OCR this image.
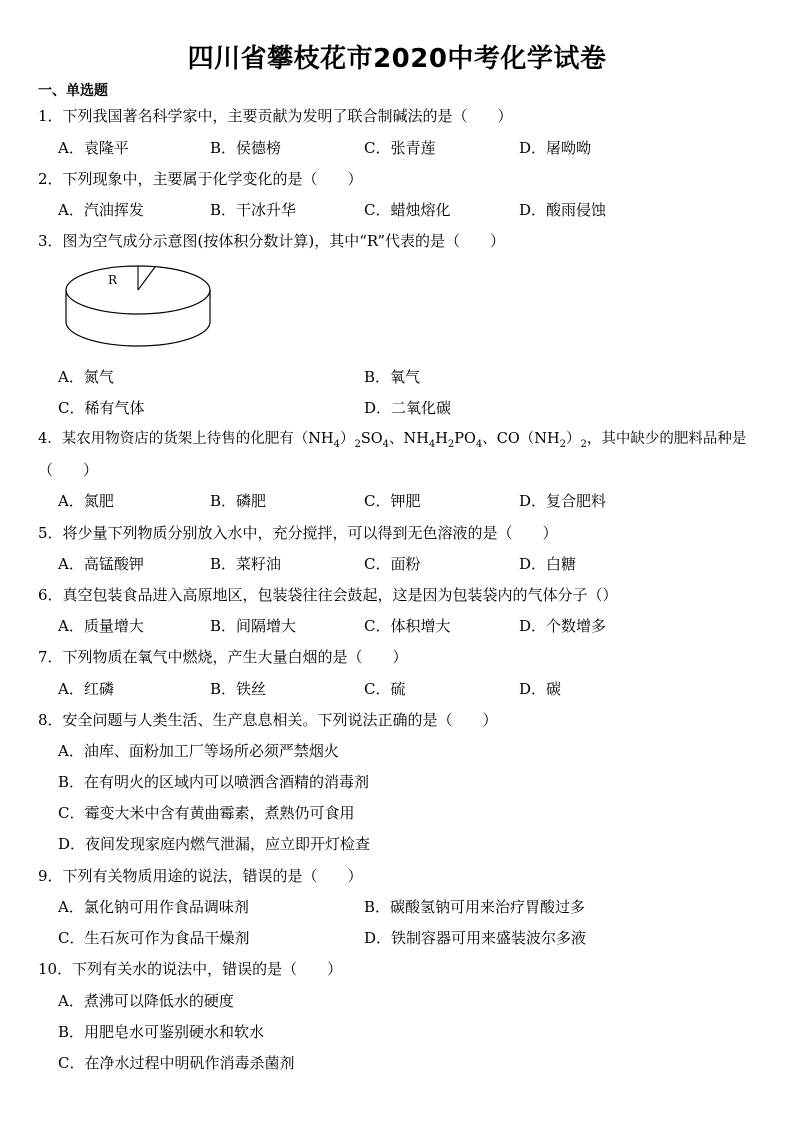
四川省攀枝花市2020中考化学试卷
一、单选题
1．下列我国著名科学家中，主要贡献为发明了联合制碱法的是（　　）
A．袁隆平	B．侯德榜	C．张青莲	D．屠呦呦
2．下列现象中，主要属于化学变化的是（　　）
A．汽油挥发	B．干冰升华	C．蜡烛熔化	D．酸雨侵蚀
3．图为空气成分示意图(按体积分数计算)，其中“R”代表的是（　　）
R
A．氮气	B．氧气
C．稀有气体	D．二氧化碳
4．某农用物资店的货架上待售的化肥有$(NH_4)_2SO_4$、$NH_4H_2PO_4$、$CO(NH_2)_2$，其中缺少的肥料品种是
（　　）
A．氮肥	B．磷肥	C．钾肥	D．复合肥料
5．将少量下列物质分别放入水中，充分搅拌，可以得到无色溶液的是（　　）
A．高锰酸钾	B．菜籽油	C．面粉	D．白糖
6．真空包装食品进入高原地区，包装袋往往会鼓起，这是因为包装袋内的气体分子（）
A．质量增大	B．间隔增大	C．体积增大	D．个数增多
7．下列物质在氧气中燃烧，产生大量白烟的是（　　）
A．红磷	B．铁丝	C．硫	D．碳
8．安全问题与人类生活、生产息息相关。下列说法正确的是（　　）
A．油库、面粉加工厂等场所必须严禁烟火
B．在有明火的区域内可以喷洒含酒精的消毒剂
C．霉变大米中含有黄曲霉素，煮熟仍可食用
D．夜间发现家庭内燃气泄漏，应立即开灯检查
9．下列有关物质用途的说法，错误的是（　　）
A．氯化钠可用作食品调味剂	B．碳酸氢钠可用来治疗胃酸过多
C．生石灰可作为食品干燥剂	D．铁制容器可用来盛装波尔多液
10．下列有关水的说法中，错误的是（　　）
A．煮沸可以降低水的硬度
B．用肥皂水可鉴别硬水和软水
C．在净水过程中明矾作消毒杀菌剂
